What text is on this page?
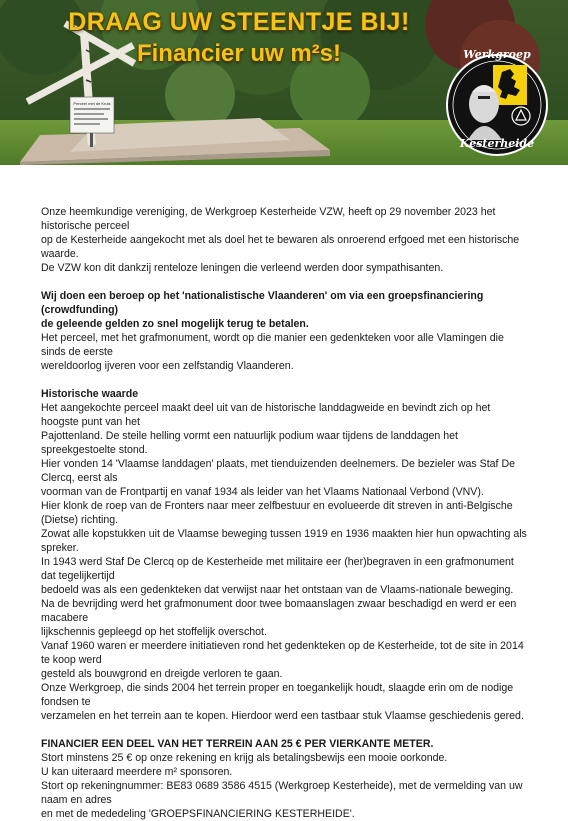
Perceel met de Kruis
DRAAG UW STEENTJE BIJ!
Financier uw m²s!	Werkgroep
Kesterheide

Onze heemkundige vereniging, de Werkgroep Kesterheide VZW, heeft op 29 november 2023 het historische perceel

op de Kesterheide aangekocht met als doel het te bewaren als onroerend erfgoed met een historische waarde.

De VZW kon dit dankzij renteloze leningen die verleend werden door sympathisanten.

Wij doen een beroep op het 'nationalistische Vlaanderen' om via een groepsfinanciering (crowdfunding)

de geleende gelden zo snel mogelijk terug te betalen.

Het perceel, met het grafmonument, wordt op die manier een gedenkteken voor alle Vlamingen die sinds de eerste

wereldoorlog ijveren voor een zelfstandig Vlaanderen.

Historische waarde

Het aangekochte perceel maakt deel uit van de historische landdagweide en bevindt zich op het hoogste punt van het

Pajottenland. De steile helling vormt een natuurlijk podium waar tijdens de landdagen het spreekgestoelte stond.

Hier vonden 14 'Vlaamse landdagen' plaats, met tienduizenden deelnemers. De bezieler was Staf De Clercq, eerst als

voorman van de Frontpartij en vanaf 1934 als leider van het Vlaams Nationaal Verbond (VNV).

Hier klonk de roep van de Fronters naar meer zelfbestuur en evolueerde dit streven in anti-Belgische (Dietse) richting.

Zowat alle kopstukken uit de Vlaamse beweging tussen 1919 en 1936 maakten hier hun opwachting als spreker.

In 1943 werd Staf De Clercq op de Kesterheide met militaire eer (her)begraven in een grafmonument dat tegelijkertijd

bedoeld was als een gedenkteken dat verwijst naar het ontstaan van de Vlaams-nationale beweging.

Na de bevrijding werd het grafmonument door twee bomaanslagen zwaar beschadigd en werd er een macabere

lijkschennis gepleegd op het stoffelijk overschot.

Vanaf 1960 waren er meerdere initiatieven rond het gedenkteken op de Kesterheide, tot de site in 2014 te koop werd

gesteld als bouwgrond en dreigde verloren te gaan.

Onze Werkgroep, die sinds 2004 het terrein proper en toegankelijk houdt, slaagde erin om de nodige fondsen te

verzamelen en het terrein aan te kopen. Hierdoor werd een tastbaar stuk Vlaamse geschiedenis gered.

FINANCIER EEN DEEL VAN HET TERREIN AAN 25 € PER VIERKANTE METER.

Stort minstens 25 € op onze rekening en krijg als betalingsbewijs een mooie oorkonde.

U kan uiteraard meerdere m² sponsoren.

Stort op rekeningnummer: BE83 0689 3586 4515 (Werkgroep Kesterheide), met de vermelding van uw naam en adres

en met de mededeling 'GROEPSFINANCIERING KESTERHEIDE'.
